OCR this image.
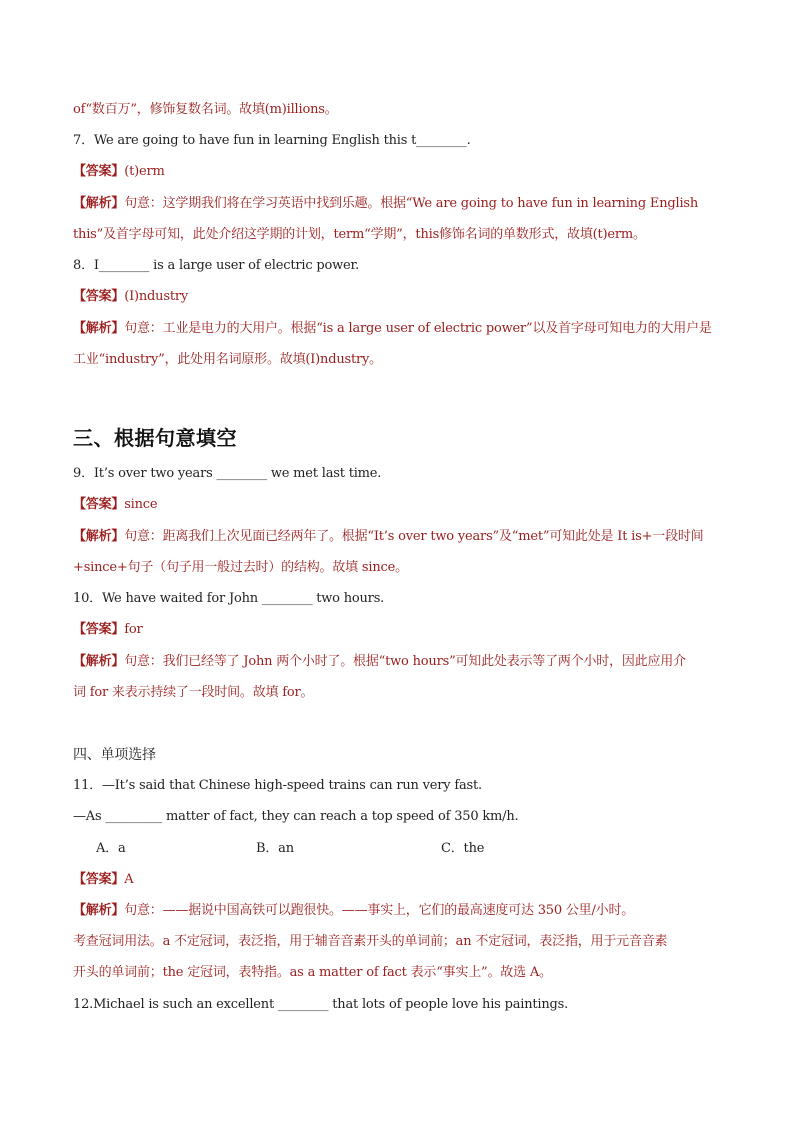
of“数百万”，修饰复数名词。故填(m)illions。
7．We are going to have fun in learning English this t________.
【答案】(t)erm
【解析】句意：这学期我们将在学习英语中找到乐趣。根据“We are going to have fun in learning English
this”及首字母可知，此处介绍这学期的计划，term“学期”，this修饰名词的单数形式，故填(t)erm。
8．I________ is a large user of electric power.
【答案】(I)ndustry
【解析】句意：工业是电力的大用户。根据“is a large user of electric power”以及首字母可知电力的大用户是
工业“industry”，此处用名词原形。故填(I)ndustry。
三、根据句意填空
9．It’s over two years ________ we met last time.
【答案】since
【解析】句意：距离我们上次见面已经两年了。根据“It’s over two years”及“met”可知此处是 It is+一段时间
+since+句子（句子用一般过去时）的结构。故填 since。
10．We have waited for John ________ two hours.
【答案】for
【解析】句意：我们已经等了 John 两个小时了。根据“two hours”可知此处表示等了两个小时，因此应用介
词 for 来表示持续了一段时间。故填 for。
四、单项选择
11．—It’s said that Chinese high-speed trains can run very fast.
—As _________ matter of fact, they can reach a top speed of 350 km/h.
A．a	B．an	C．the
【答案】A
【解析】句意：——据说中国高铁可以跑很快。——事实上，它们的最高速度可达 350 公里/小时。
考查冠词用法。a 不定冠词，表泛指，用于辅音音素开头的单词前；an 不定冠词，表泛指，用于元音音素
开头的单词前；the 定冠词，表特指。as a matter of fact 表示“事实上”。故选 A。
12.Michael is such an excellent ________ that lots of people love his paintings.
